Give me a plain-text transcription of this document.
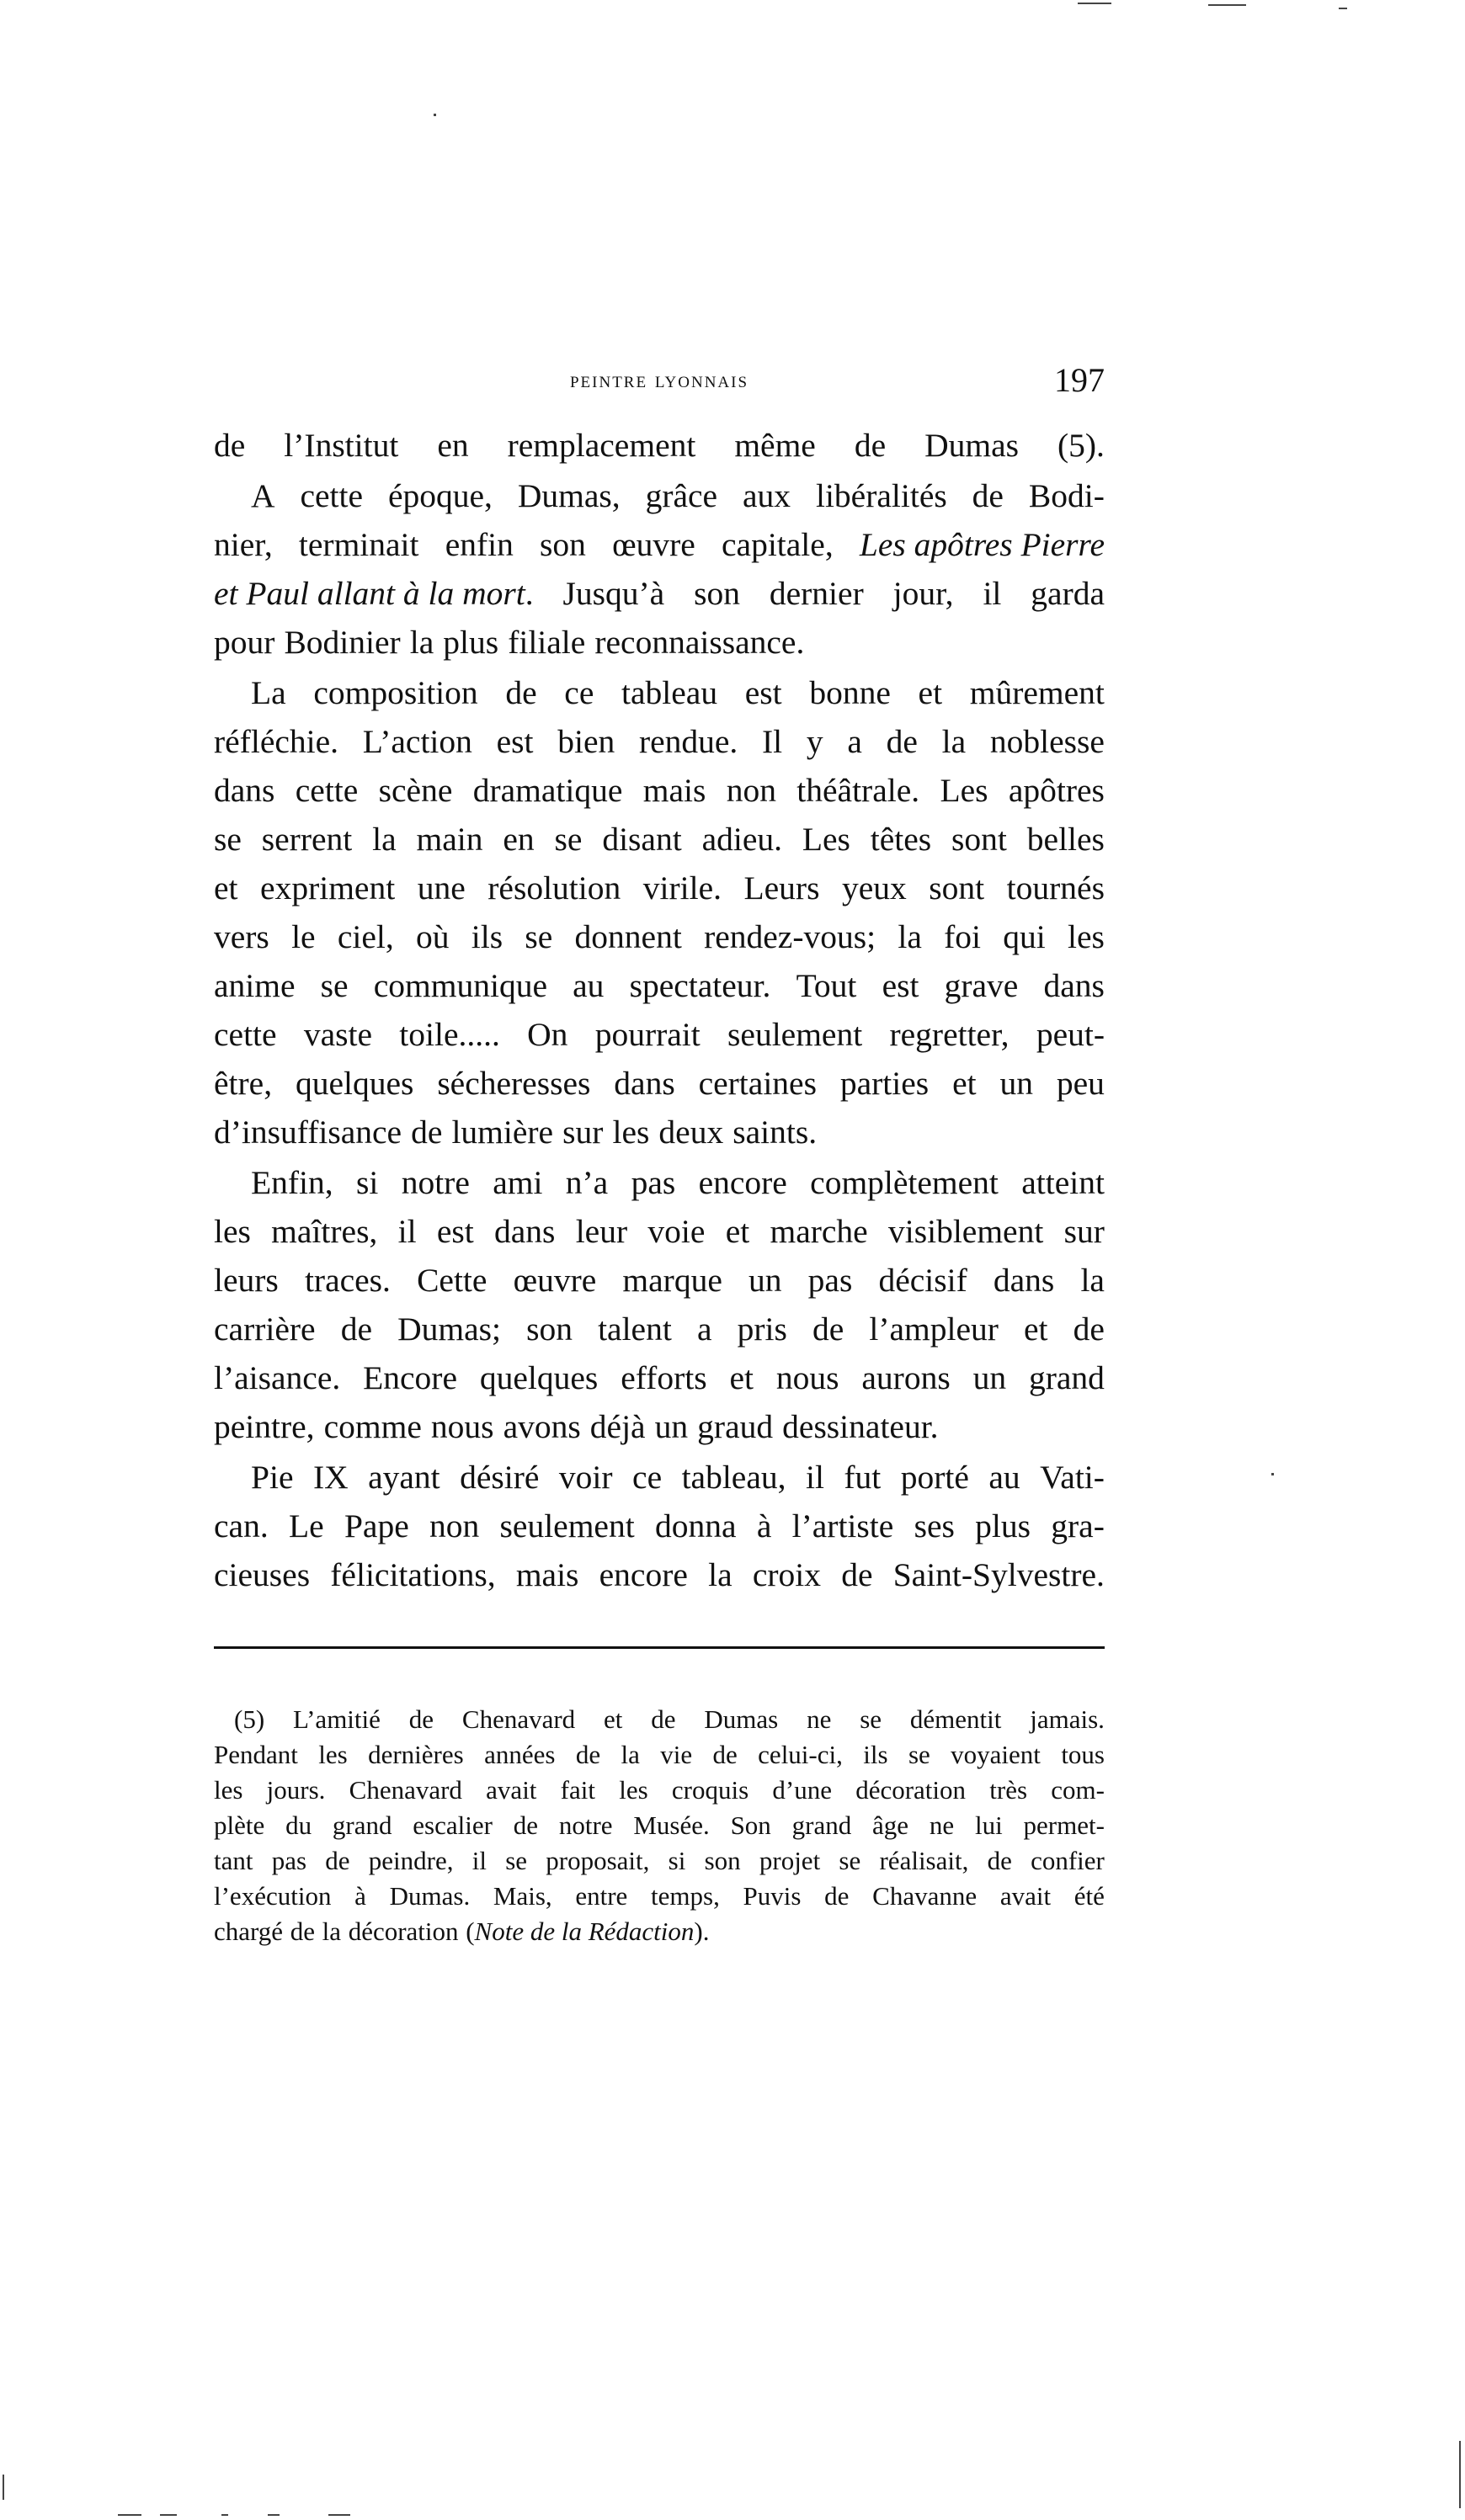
peintre lyonnais	197
de l’Institut en remplacement même de Dumas (5).
A cette époque, Dumas, grâce aux libéralités de Bodi-
nier, terminait enfin son œuvre capitale, Les apôtres Pierre
et Paul allant à la mort. Jusqu’à son dernier jour, il garda
pour Bodinier la plus filiale reconnaissance.
La composition de ce tableau est bonne et mûrement
réfléchie. L’action est bien rendue. Il y a de la noblesse
dans cette scène dramatique mais non théâtrale. Les apôtres
se serrent la main en se disant adieu. Les têtes sont belles
et expriment une résolution virile. Leurs yeux sont tournés
vers le ciel, où ils se donnent rendez-vous; la foi qui les
anime se communique au spectateur. Tout est grave dans
cette vaste toile..... On pourrait seulement regretter, peut-
être, quelques sécheresses dans certaines parties et un peu
d’insuffisance de lumière sur les deux saints.
Enfin, si notre ami n’a pas encore complètement atteint
les maîtres, il est dans leur voie et marche visiblement sur
leurs traces. Cette œuvre marque un pas décisif dans la
carrière de Dumas; son talent a pris de l’ampleur et de
l’aisance. Encore quelques efforts et nous aurons un grand
peintre, comme nous avons déjà un graud dessinateur.
Pie IX ayant désiré voir ce tableau, il fut porté au Vati-
can. Le Pape non seulement donna à l’artiste ses plus gra-
cieuses félicitations, mais encore la croix de Saint-Sylvestre.
(5) L’amitié de Chenavard et de Dumas ne se démentit jamais.
Pendant les dernières années de la vie de celui-ci, ils se voyaient tous
les jours. Chenavard avait fait les croquis d’une décoration très com-
plète du grand escalier de notre Musée. Son grand âge ne lui permet-
tant pas de peindre, il se proposait, si son projet se réalisait, de confier
l’exécution à Dumas. Mais, entre temps, Puvis de Chavanne avait été
chargé de la décoration (Note de la Rédaction).
